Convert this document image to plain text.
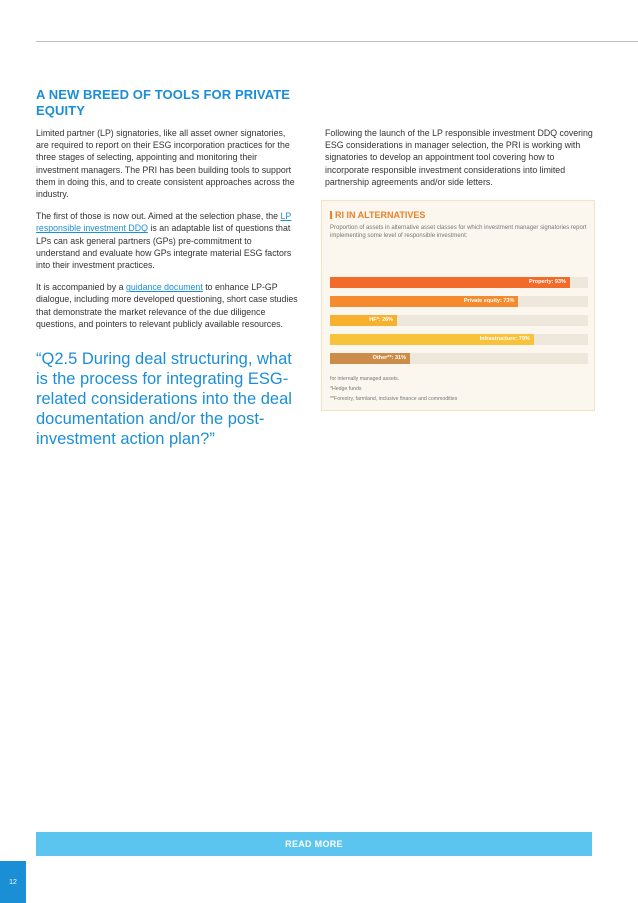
A NEW BREED OF TOOLS FOR PRIVATE EQUITY

Limited partner (LP) signatories, like all asset owner signatories, are required to report on their ESG incorporation practices for the three stages of selecting, appointing and monitoring their investment managers. The PRI has been building tools to support them in doing this, and to create consistent approaches across the industry.

The first of those is now out. Aimed at the selection phase, the LP responsible investment DDQ is an adaptable list of questions that LPs can ask general partners (GPs) pre-commitment to understand and evaluate how GPs integrate material ESG factors into their investment practices.

It is accompanied by a guidance document to enhance LP-GP dialogue, including more developed questioning, short case studies that demonstrate the market relevance of the due diligence questions, and pointers to relevant publicly available resources.

“Q2.5 During deal structuring, what is the process for integrating ESG-related considerations into the deal documentation and/or the post-investment action plan?”

Following the launch of the LP responsible investment DDQ covering ESG considerations in manager selection, the PRI is working with signatories to develop an appointment tool covering how to incorporate responsible investment considerations into limited partnership agreements and/or side letters.

RI IN ALTERNATIVES
Proportion of assets in alternative asset classes for which investment manager signatories report implementing some level of responsible investment:
Property: 93%
Private equity: 73%
HF*: 26%
Infrastructure: 79%
Other**: 31%
for internally managed assets.
*Hedge funds
**Forestry, farmland, inclusive finance and commodities
READ MORE
12
